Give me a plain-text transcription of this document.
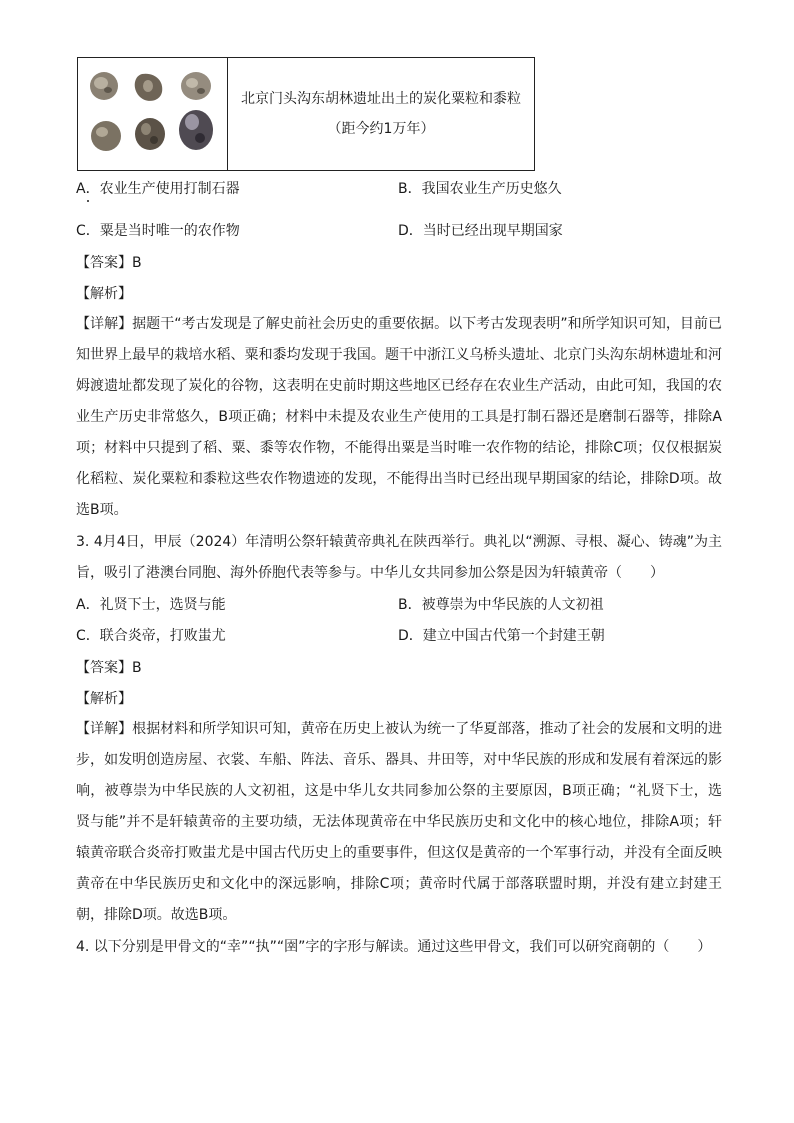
北京门头沟东胡林遗址出土的炭化粟粒和黍粒
（距今约1万年）
A．农业生产使用打制石器	B．我国农业生产历史悠久
C．粟是当时唯一的农作物	D．当时已经出现早期国家
【答案】B
【解析】

【详解】据题干“考古发现是了解史前社会历史的重要依据。以下考古发现表明”和所学知识可知，目前已知世界上最早的栽培水稻、粟和黍均发现于我国。题干中浙江义乌桥头遗址、北京门头沟东胡林遗址和河姆渡遗址都发现了炭化的谷物，这表明在史前时期这些地区已经存在农业生产活动，由此可知，我国的农业生产历史非常悠久，B项正确；材料中未提及农业生产使用的工具是打制石器还是磨制石器等，排除A项；材料中只提到了稻、粟、黍等农作物，不能得出粟是当时唯一农作物的结论，排除C项；仅仅根据炭化稻粒、炭化粟粒和黍粒这些农作物遗迹的发现，不能得出当时已经出现早期国家的结论，排除D项。故选B项。

3. 4月4日，甲辰（2024）年清明公祭轩辕黄帝典礼在陕西举行。典礼以“溯源、寻根、凝心、铸魂”为主旨，吸引了港澳台同胞、海外侨胞代表等参与。中华儿女共同参加公祭是因为轩辕黄帝（　　）

A．礼贤下士，选贤与能	B．被尊崇为中华民族的人文初祖
C．联合炎帝，打败蚩尤	D．建立中国古代第一个封建王朝
【答案】B
【解析】

【详解】根据材料和所学知识可知，黄帝在历史上被认为统一了华夏部落，推动了社会的发展和文明的进步，如发明创造房屋、衣裳、车船、阵法、音乐、器具、井田等，对中华民族的形成和发展有着深远的影响，被尊崇为中华民族的人文初祖，这是中华儿女共同参加公祭的主要原因，B项正确；“礼贤下士，选贤与能”并不是轩辕黄帝的主要功绩，无法体现黄帝在中华民族历史和文化中的核心地位，排除A项；轩辕黄帝联合炎帝打败蚩尤是中国古代历史上的重要事件，但这仅是黄帝的一个军事行动，并没有全面反映黄帝在中华民族历史和文化中的深远影响，排除C项；黄帝时代属于部落联盟时期，并没有建立封建王朝，排除D项。故选B项。

4. 以下分别是甲骨文的“幸”“执”“圉”字的字形与解读。通过这些甲骨文，我们可以研究商朝的（　　）
